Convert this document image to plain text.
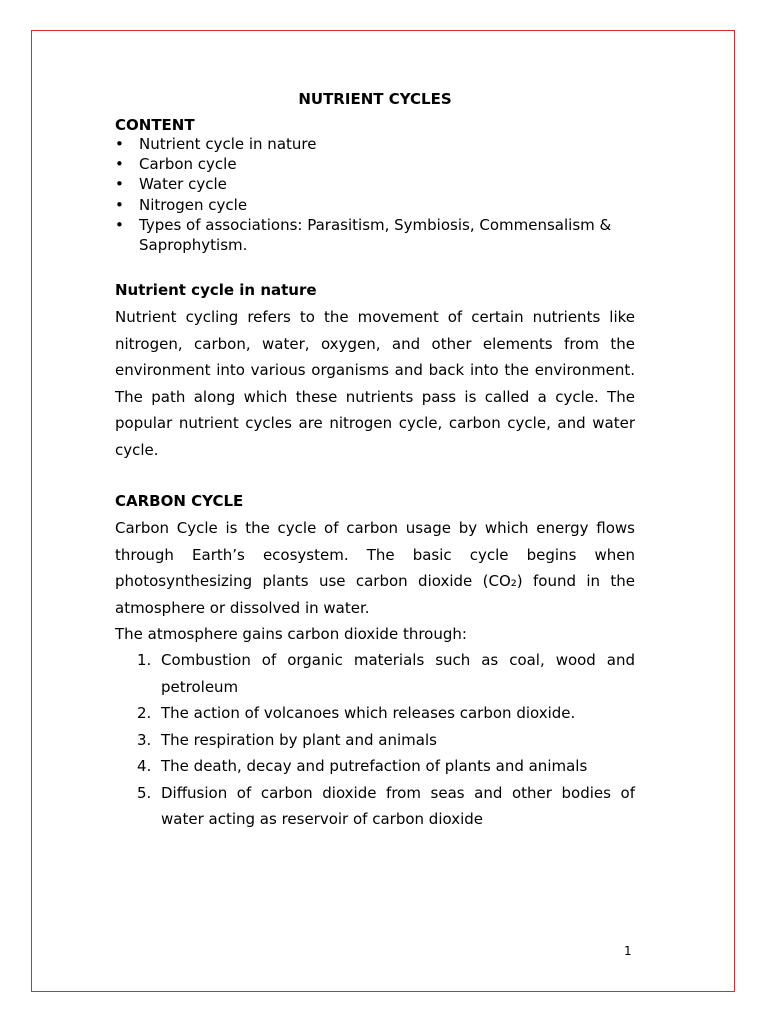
NUTRIENT CYCLES
CONTENT
• Nutrient cycle in nature
• Carbon cycle
• Water cycle
• Nitrogen cycle
• Types of associations: Parasitism, Symbiosis, Commensalism & Saprophytism.
Nutrient cycle in nature

Nutrient cycling refers to the movement of certain nutrients like nitrogen, carbon, water, oxygen, and other elements from the environment into various organisms and back into the environment. The path along which these nutrients pass is called a cycle. The popular nutrient cycles are nitrogen cycle, carbon cycle, and water cycle.

CARBON CYCLE

Carbon Cycle is the cycle of carbon usage by which energy flows through Earth’s ecosystem. The basic cycle begins when photosynthesizing plants use carbon dioxide (CO₂) found in the atmosphere or dissolved in water.

The atmosphere gains carbon dioxide through:

1. Combustion of organic materials such as coal, wood and petroleum
2. The action of volcanoes which releases carbon dioxide.
3. The respiration by plant and animals
4. The death, decay and putrefaction of plants and animals
5. Diffusion of carbon dioxide from seas and other bodies of water acting as reservoir of carbon dioxide
1
